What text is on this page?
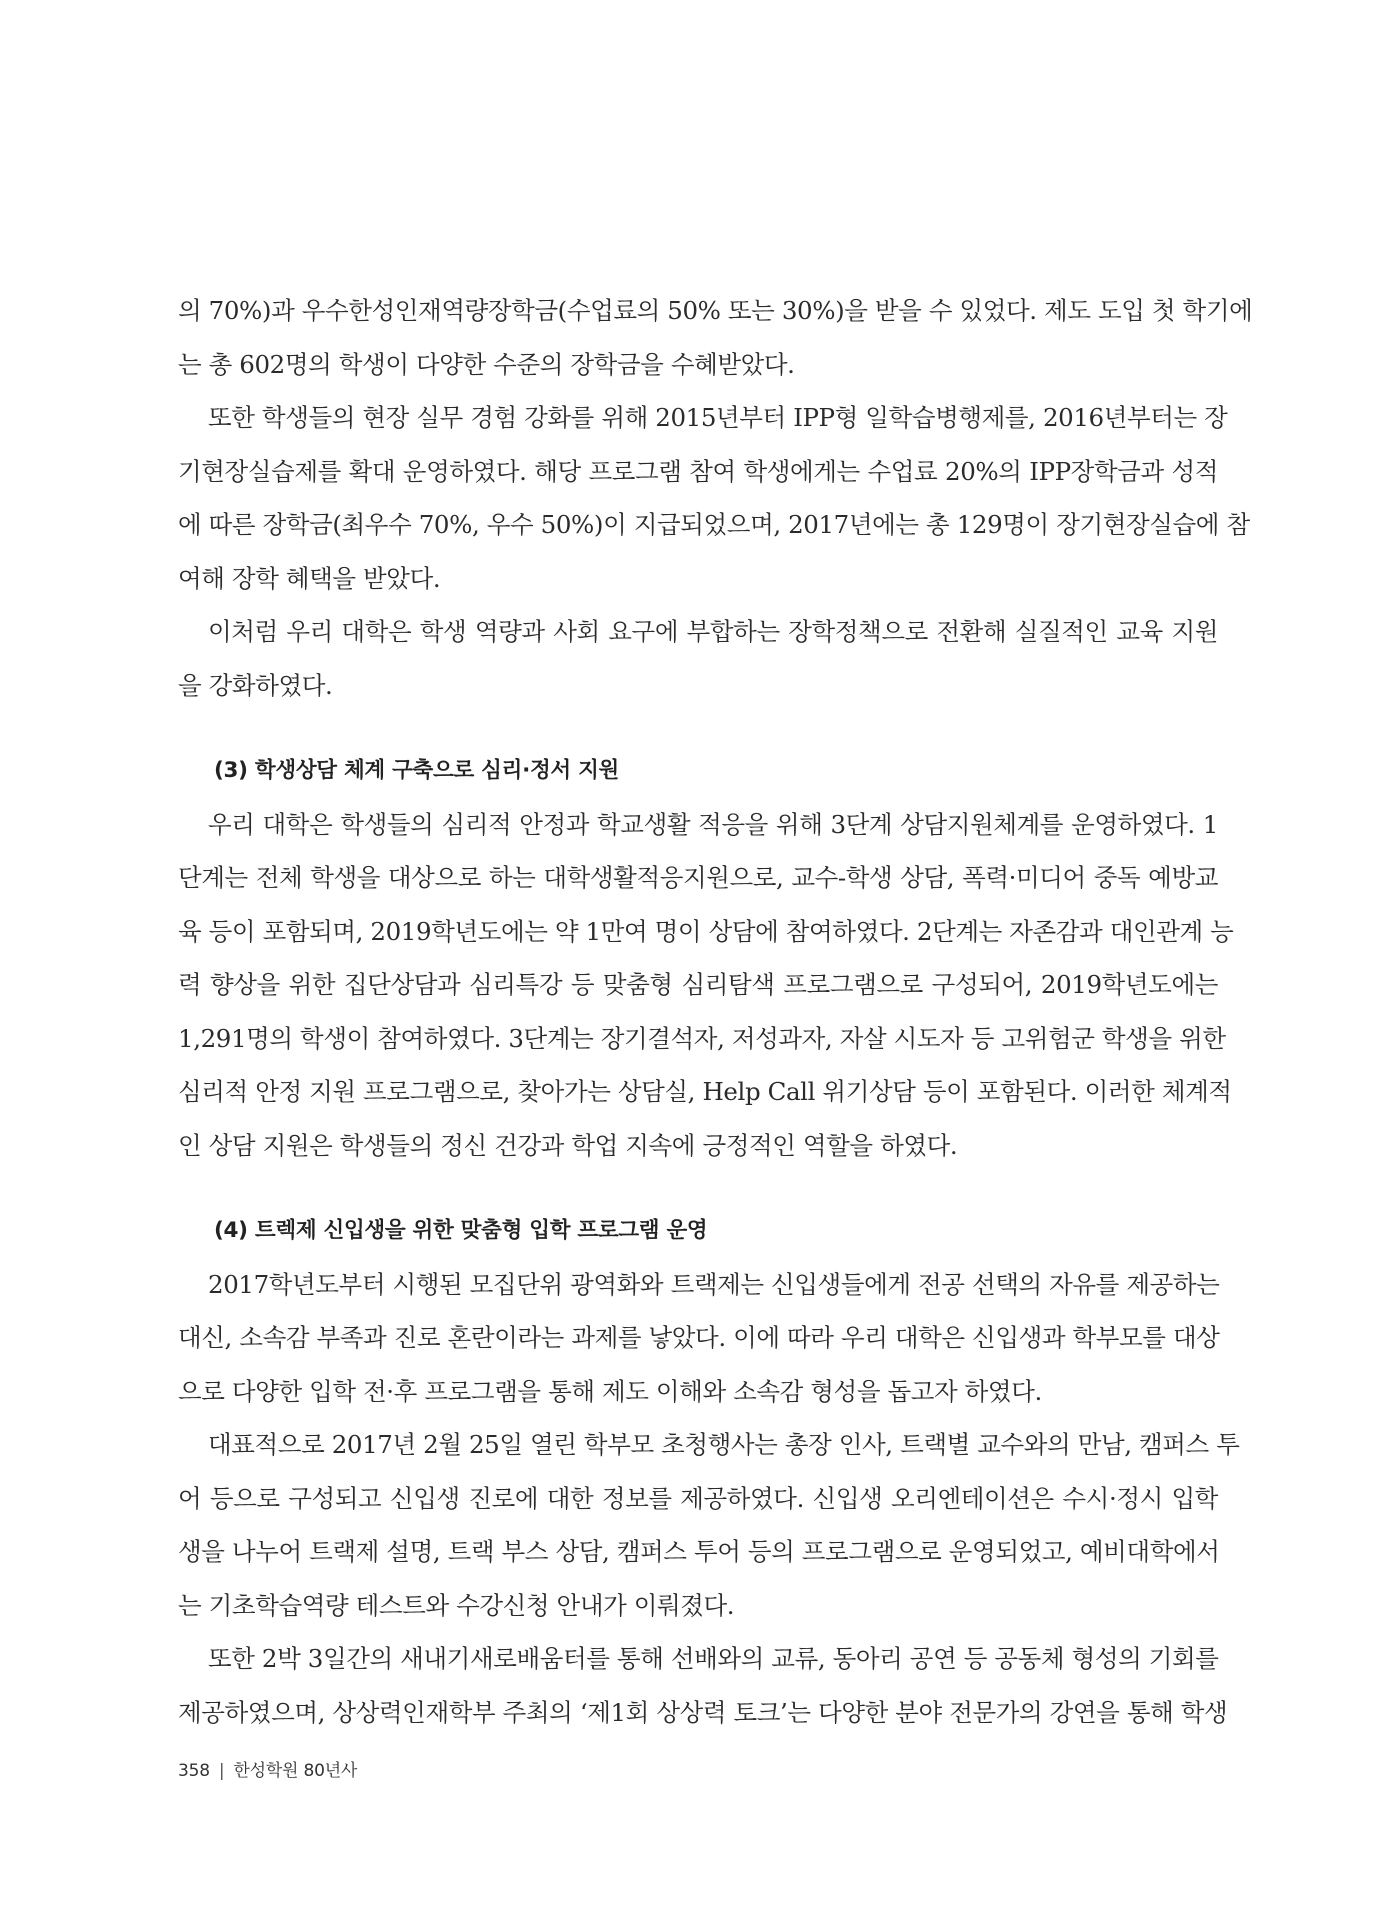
의 70%)과 우수한성인재역량장학금(수업료의 50% 또는 30%)을 받을 수 있었다. 제도 도입 첫 학기에
는 총 602명의 학생이 다양한 수준의 장학금을 수혜받았다.
또한 학생들의 현장 실무 경험 강화를 위해 2015년부터 IPP형 일학습병행제를, 2016년부터는 장
기현장실습제를 확대 운영하였다. 해당 프로그램 참여 학생에게는 수업료 20%의 IPP장학금과 성적
에 따른 장학금(최우수 70%, 우수 50%)이 지급되었으며, 2017년에는 총 129명이 장기현장실습에 참
여해 장학 혜택을 받았다.
이처럼 우리 대학은 학생 역량과 사회 요구에 부합하는 장학정책으로 전환해 실질적인 교육 지원
을 강화하였다.
(3) 학생상담 체계 구축으로 심리·정서 지원
우리 대학은 학생들의 심리적 안정과 학교생활 적응을 위해 3단계 상담지원체계를 운영하였다. 1
단계는 전체 학생을 대상으로 하는 대학생활적응지원으로, 교수-학생 상담, 폭력·미디어 중독 예방교
육 등이 포함되며, 2019학년도에는 약 1만여 명이 상담에 참여하였다. 2단계는 자존감과 대인관계 능
력 향상을 위한 집단상담과 심리특강 등 맞춤형 심리탐색 프로그램으로 구성되어, 2019학년도에는
1,291명의 학생이 참여하였다. 3단계는 장기결석자, 저성과자, 자살 시도자 등 고위험군 학생을 위한
심리적 안정 지원 프로그램으로, 찾아가는 상담실, Help Call 위기상담 등이 포함된다. 이러한 체계적
인 상담 지원은 학생들의 정신 건강과 학업 지속에 긍정적인 역할을 하였다.
(4) 트렉제 신입생을 위한 맞춤형 입학 프로그램 운영
2017학년도부터 시행된 모집단위 광역화와 트랙제는 신입생들에게 전공 선택의 자유를 제공하는
대신, 소속감 부족과 진로 혼란이라는 과제를 낳았다. 이에 따라 우리 대학은 신입생과 학부모를 대상
으로 다양한 입학 전·후 프로그램을 통해 제도 이해와 소속감 형성을 돕고자 하였다.
대표적으로 2017년 2월 25일 열린 학부모 초청행사는 총장 인사, 트랙별 교수와의 만남, 캠퍼스 투
어 등으로 구성되고 신입생 진로에 대한 정보를 제공하였다. 신입생 오리엔테이션은 수시·정시 입학
생을 나누어 트랙제 설명, 트랙 부스 상담, 캠퍼스 투어 등의 프로그램으로 운영되었고, 예비대학에서
는 기초학습역량 테스트와 수강신청 안내가 이뤄졌다.
또한 2박 3일간의 새내기새로배움터를 통해 선배와의 교류, 동아리 공연 등 공동체 형성의 기회를
제공하였으며, 상상력인재학부 주최의 ‘제1회 상상력 토크’는 다양한 분야 전문가의 강연을 통해 학생
358 | 한성학원 80년사
